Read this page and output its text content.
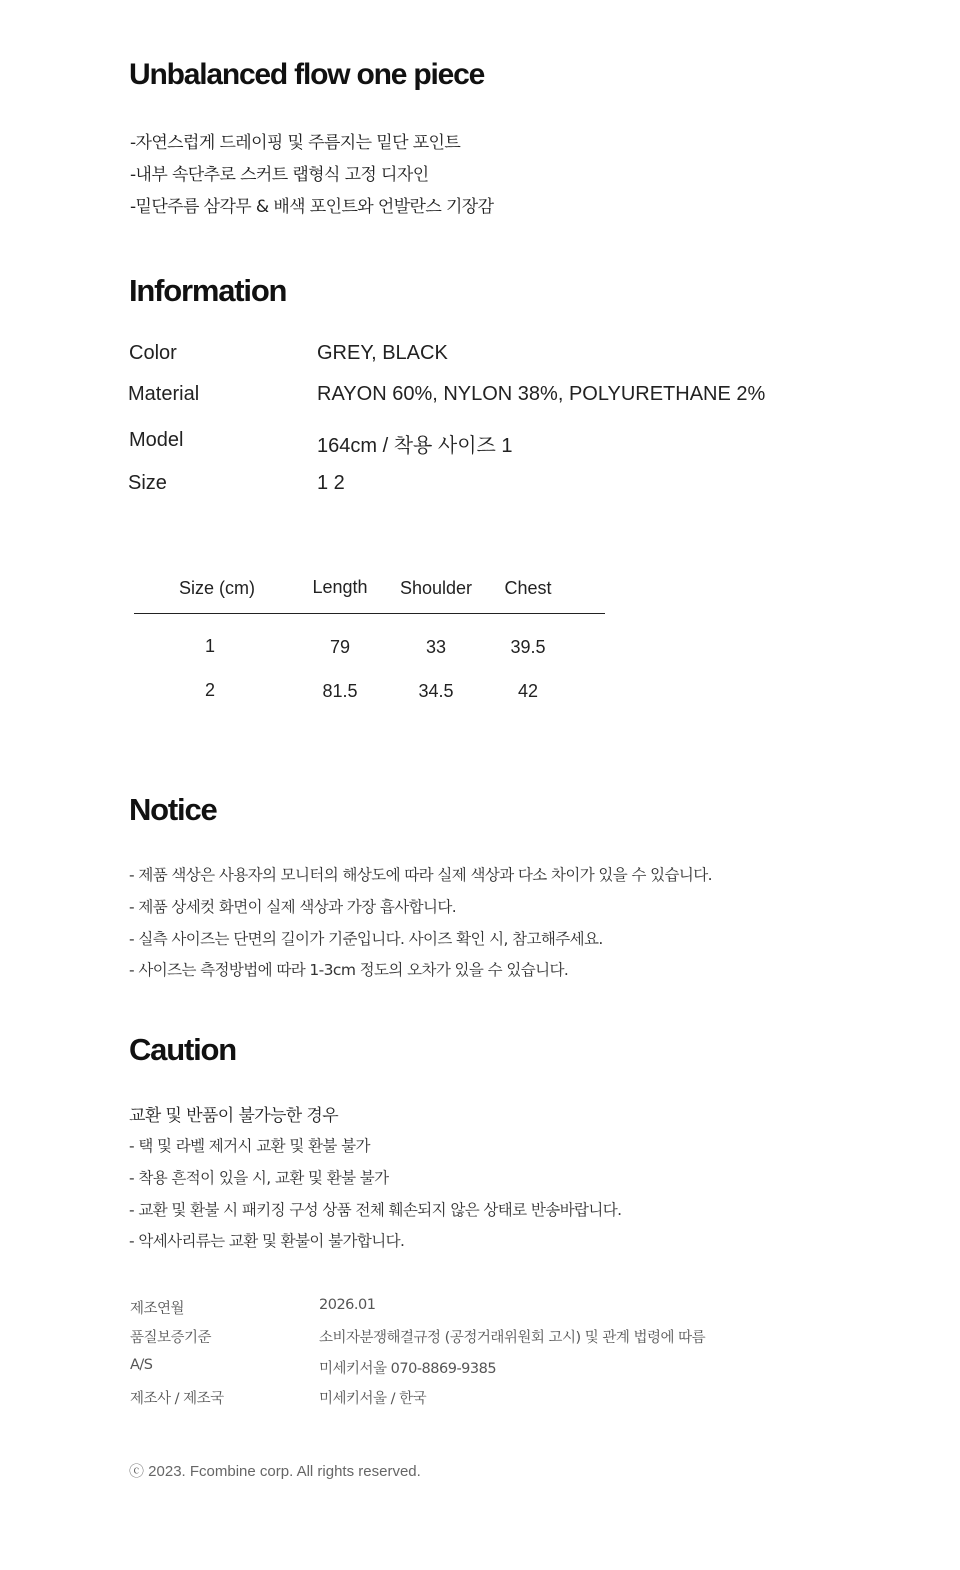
Unbalanced flow one piece
-자연스럽게 드레이핑 및 주름지는 밑단 포인트
-내부 속단추로 스커트 랩형식 고정 디자인
-밑단주름 삼각무 & 배색 포인트와 언발란스 기장감
Information
Color	GREY, BLACK
Material	RAYON 60%, NYLON 38%, POLYURETHANE 2%
Model	164cm / 착용 사이즈 1
Size	1 2
Size (cm)	Length	Shoulder	Chest
1	79	33	39.5
2	81.5	34.5	42
Notice
- 제품 색상은 사용자의 모니터의 해상도에 따라 실제 색상과 다소 차이가 있을 수 있습니다.
- 제품 상세컷 화면이 실제 색상과 가장 흡사합니다.
- 실측 사이즈는 단면의 길이가 기준입니다. 사이즈 확인 시, 참고해주세요.
- 사이즈는 측정방법에 따라 1-3cm 정도의 오차가 있을 수 있습니다.
Caution
교환 및 반품이 불가능한 경우
- 택 및 라벨 제거시 교환 및 환불 불가
- 착용 흔적이 있을 시, 교환 및 환불 불가
- 교환 및 환불 시 패키징 구성 상품 전체 훼손되지 않은 상태로 반송바랍니다.
- 악세사리류는 교환 및 환불이 불가합니다.
제조연월	2026.01
품질보증기준	소비자분쟁해결규정 (공정거래위원회 고시) 및 관계 법령에 따름
A/S	미세키서울 070-8869-9385
제조사 / 제조국	미세키서울 / 한국
ⓒ 2023. Fcombine corp. All rights reserved.
